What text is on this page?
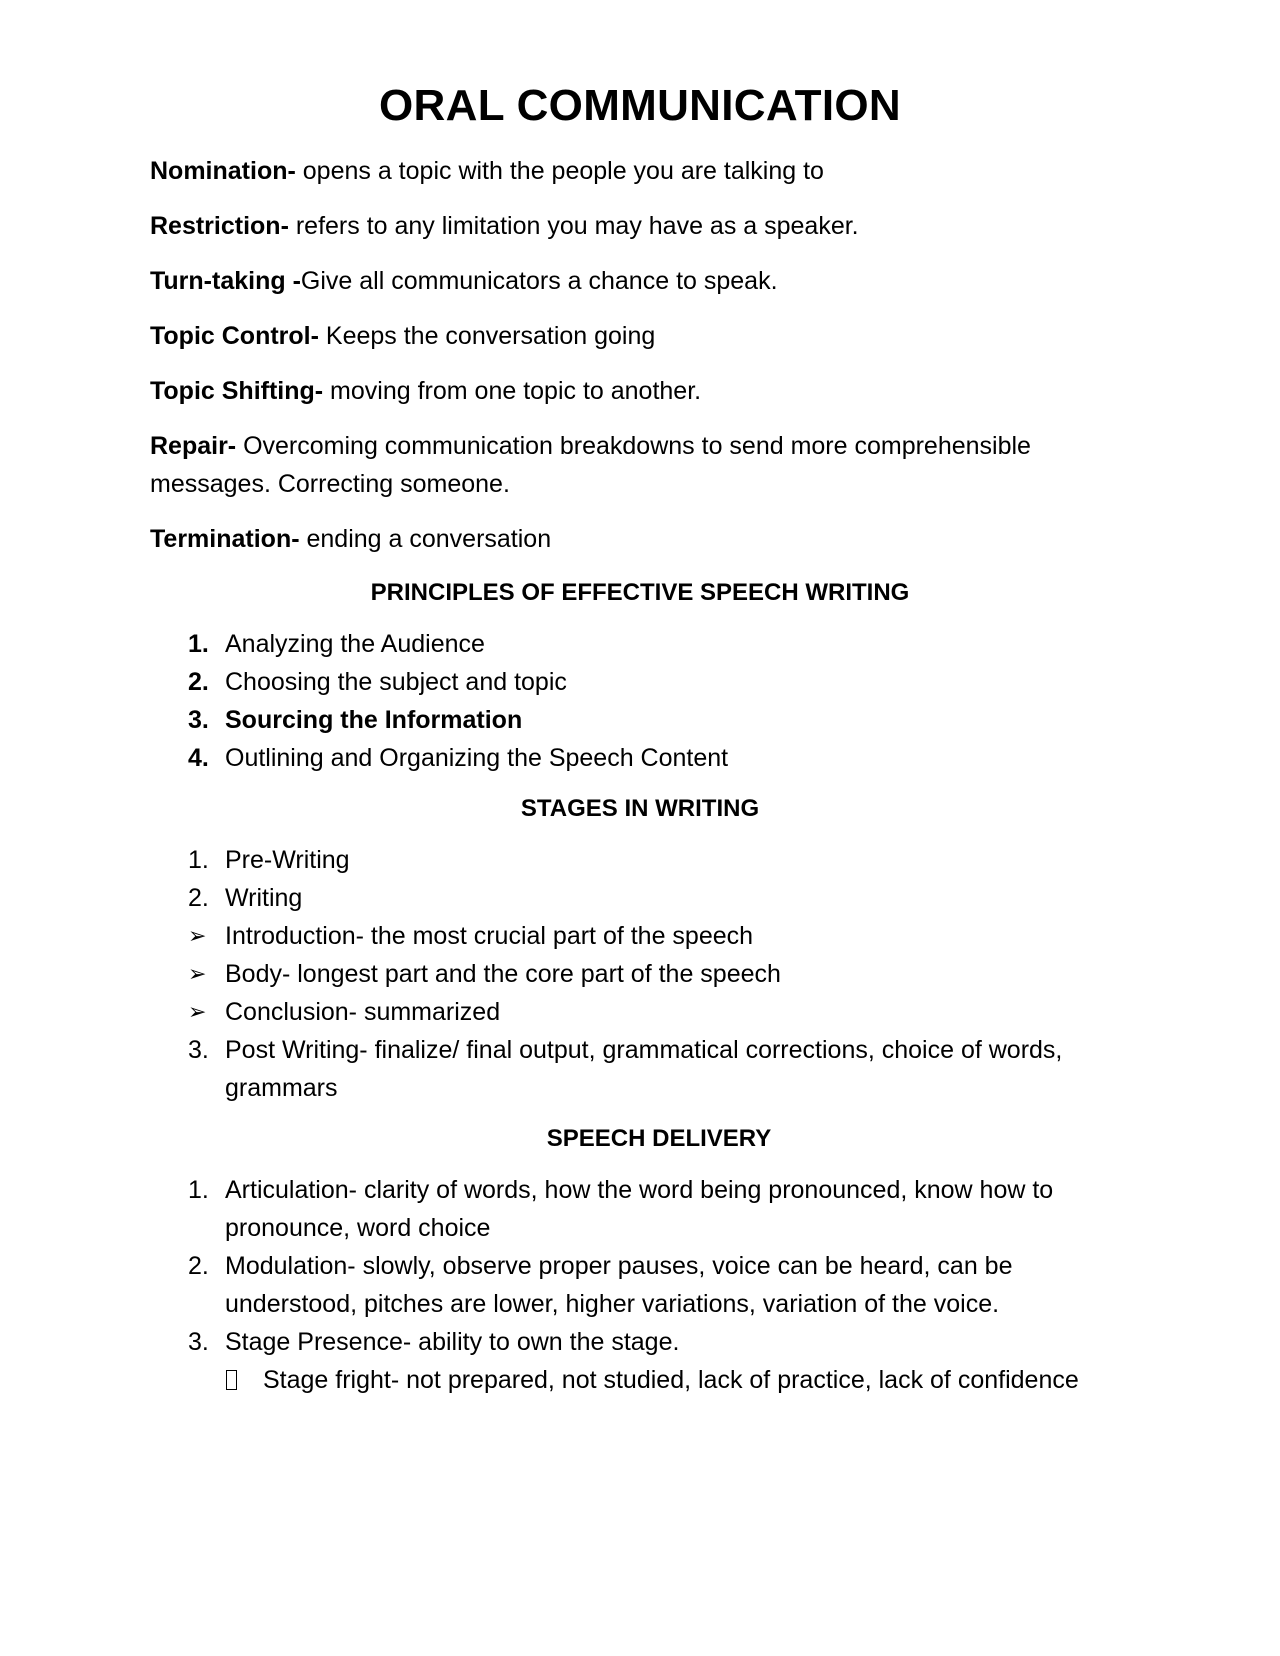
ORAL COMMUNICATION

Nomination- opens a topic with the people you are talking to

Restriction- refers to any limitation you may have as a speaker.

Turn-taking -Give all communicators a chance to speak.

Topic Control- Keeps the conversation going

Topic Shifting- moving from one topic to another.

Repair- Overcoming communication breakdowns to send more comprehensible messages. Correcting someone.

Termination- ending a conversation

PRINCIPLES OF EFFECTIVE SPEECH WRITING
1. Analyzing the Audience
2. Choosing the subject and topic
3. Sourcing the Information
4. Outlining and Organizing the Speech Content
STAGES IN WRITING
1. Pre-Writing
2. Writing
➢ Introduction- the most crucial part of the speech
➢ Body- longest part and the core part of the speech
➢ Conclusion- summarized
3. Post Writing- finalize/ final output, grammatical corrections, choice of words, grammars
SPEECH DELIVERY
1. Articulation- clarity of words, how the word being pronounced, know how to pronounce, word choice
2. Modulation- slowly, observe proper pauses, voice can be heard, can be understood, pitches are lower, higher variations, variation of the voice.
3. Stage Presence- ability to own the stage.
Stage fright- not prepared, not studied, lack of practice, lack of confidence
